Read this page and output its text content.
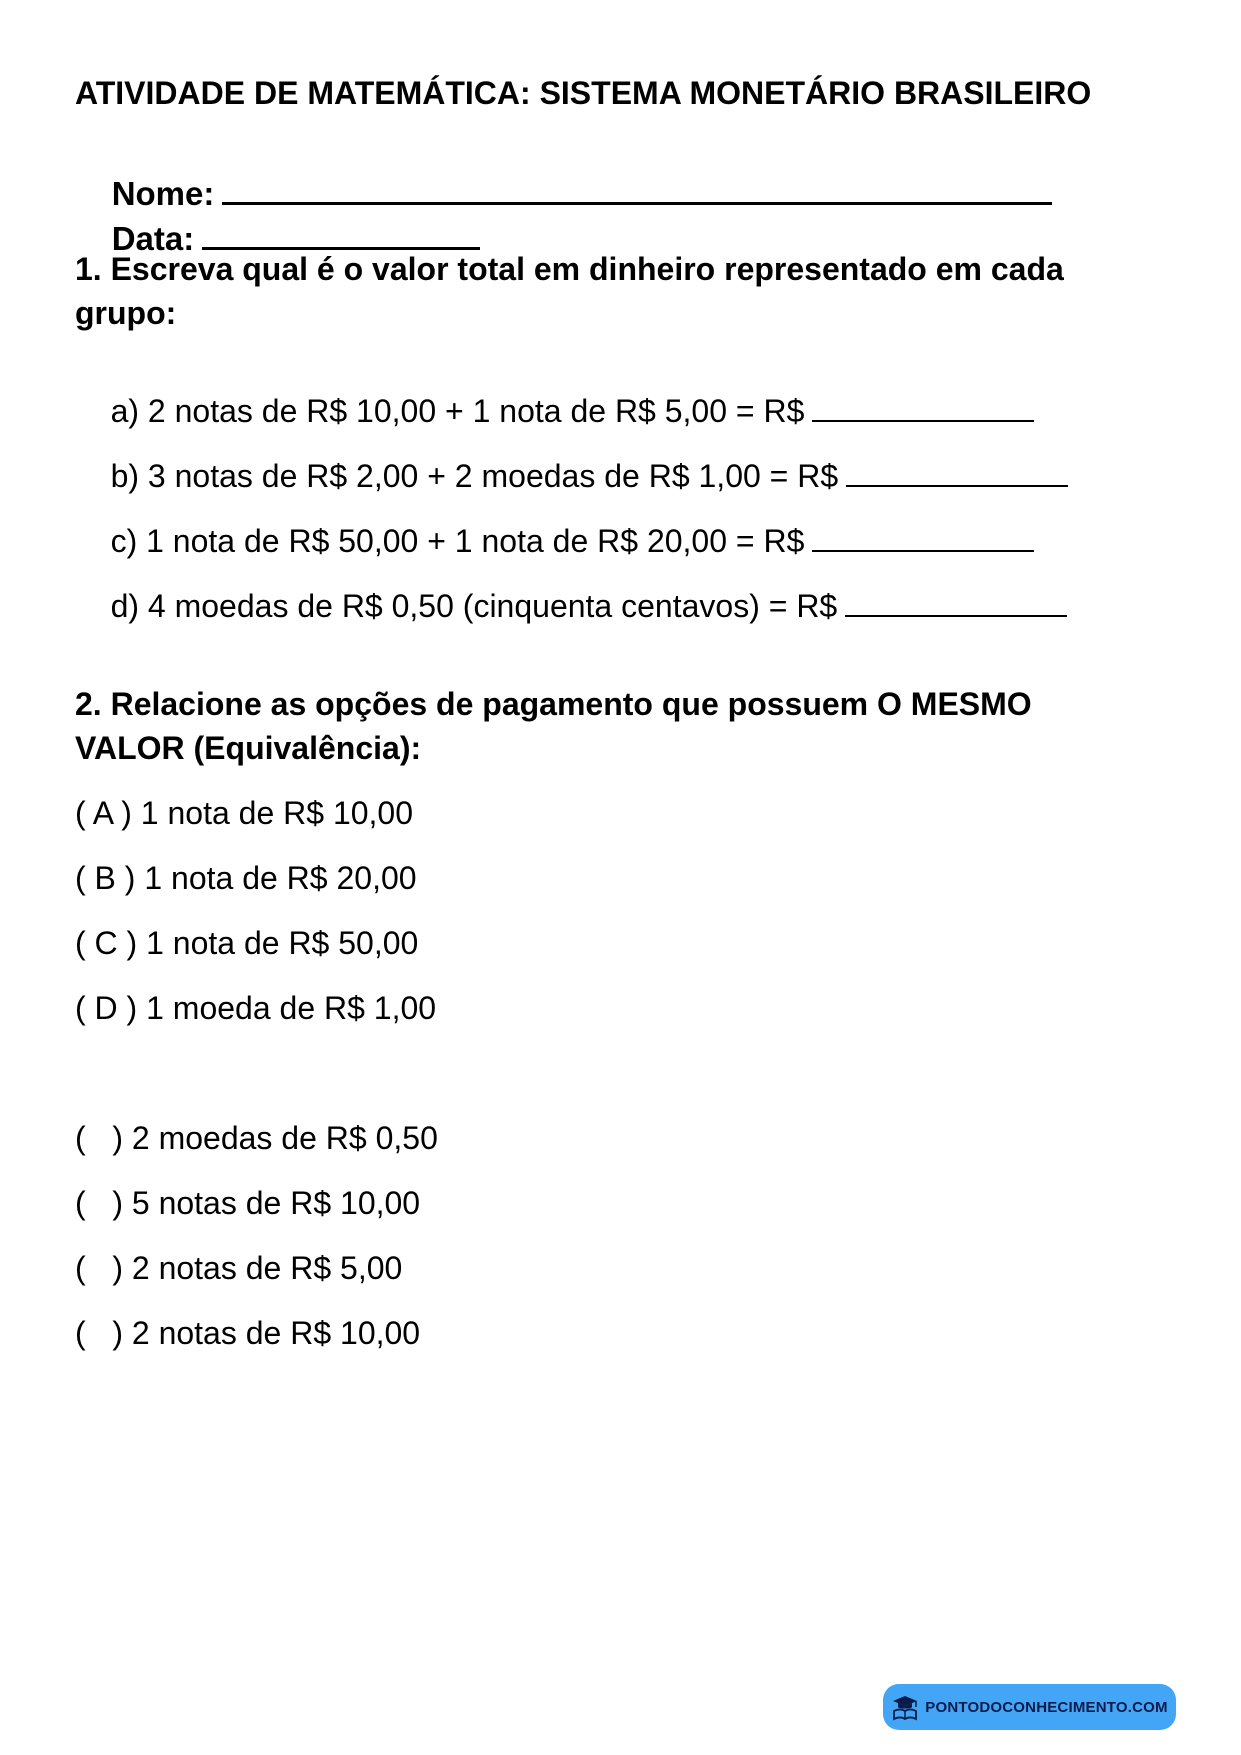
ATIVIDADE DE MATEMÁTICA: SISTEMA MONETÁRIO BRASILEIRO

Nome:

Data:

1. Escreva qual é o valor total em dinheiro representado em cada
grupo:

a) 2 notas de R$ 10,00 + 1 nota de R$ 5,00 = R$

b) 3 notas de R$ 2,00 + 2 moedas de R$ 1,00 = R$

c) 1 nota de R$ 50,00 + 1 nota de R$ 20,00 = R$

d) 4 moedas de R$ 0,50 (cinquenta centavos) = R$

2. Relacione as opções de pagamento que possuem O MESMO
VALOR (Equivalência):
( A ) 1 nota de R$ 10,00
( B ) 1 nota de R$ 20,00
( C ) 1 nota de R$ 50,00
( D ) 1 moeda de R$ 1,00
(   ) 2 moedas de R$ 0,50
(   ) 5 notas de R$ 10,00
(   ) 2 notas de R$ 5,00
(   ) 2 notas de R$ 10,00
PONTODOCONHECIMENTO.COM
